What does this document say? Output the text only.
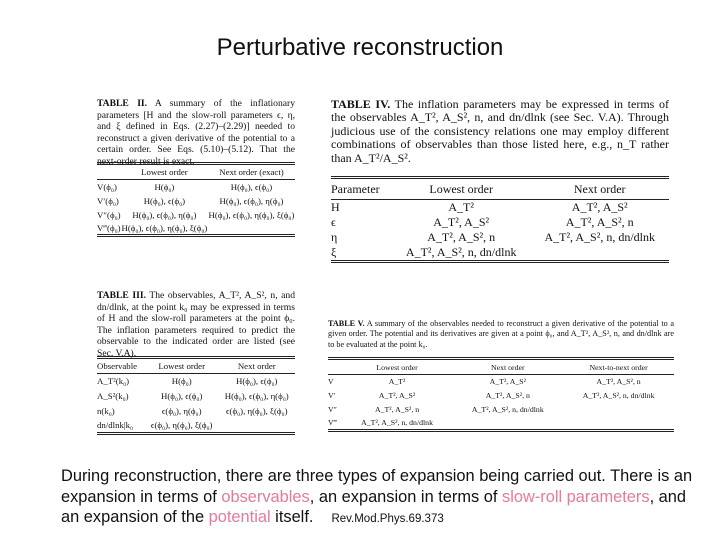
Perturbative reconstruction
TABLE II. A summary of the inflationary parameters [H and the slow-roll parameters ϵ, η, and ξ defined in Eqs. (2.27)–(2.29)] needed to reconstruct a given derivative of the potential to a certain order. See Eqs. (5.10)–(5.12). That the next-order result is exact.
	Lowest order	Next order (exact)
V(ϕ₀)	H(ϕ₀)	H(ϕ₀), ϵ(ϕ₀)
V′(ϕ₀)	H(ϕ₀), ϵ(ϕ₀)	H(ϕ₀), ϵ(ϕ₀), η(ϕ₀)
V″(ϕ₀)	H(ϕ₀), ϵ(ϕ₀), η(ϕ₀)	H(ϕ₀), ϵ(ϕ₀), η(ϕ₀), ξ(ϕ₀)
V‴(ϕ₀)	H(ϕ₀), ϵ(ϕ₀), η(ϕ₀), ξ(ϕ₀)	
TABLE IV. The inflation parameters may be expressed in terms of the observables A_T², A_S², n, and dn/dlnk (see Sec. V.A). Through judicious use of the consistency relations one may employ different combinations of observables than those listed here, e.g., n_T rather than A_T²/A_S².
Parameter	Lowest order	Next order
H	A_T²	A_T², A_S²
ϵ	A_T², A_S²	A_T², A_S², n
η	A_T², A_S², n	A_T², A_S², n, dn/dlnk
ξ	A_T², A_S², n, dn/dlnk	
TABLE III. The observables, A_T², A_S², n, and dn/dlnk, at the point k₀ may be expressed in terms of H and the slow-roll parameters at the point ϕ₀. The inflation parameters required to predict the observable to the indicated order are listed (see Sec. V.A).
Observable	Lowest order	Next order
A_T²(k₀)	H(ϕ₀)	H(ϕ₀), ϵ(ϕ₀)
A_S²(k₀)	H(ϕ₀), ϵ(ϕ₀)	H(ϕ₀), ϵ(ϕ₀), η(ϕ₀)
n(k₀)	ϵ(ϕ₀), η(ϕ₀)	ϵ(ϕ₀), η(ϕ₀), ξ(ϕ₀)
dn/dlnk|k₀	ϵ(ϕ₀), η(ϕ₀), ξ(ϕ₀)	
TABLE V. A summary of the observables needed to reconstruct a given derivative of the potential to a given order. The potential and its derivatives are given at a point ϕ₀, and A_T², A_S², n, and dn/dlnk are to be evaluated at the point k₀.
	Lowest order	Next order	Next-to-next order
V	A_T²	A_T², A_S²	A_T², A_S², n
V′	A_T², A_S²	A_T², A_S², n	A_T², A_S², n, dn/dlnk
V″	A_T², A_S², n	A_T², A_S², n, dn/dlnk	
V‴	A_T², A_S², n, dn/dlnk		
During reconstruction, there are three types of expansion being carried out. There is an expansion in terms of observables, an expansion in terms of slow-roll parameters, and an expansion of the potential itself. Rev.Mod.Phys.69.373
